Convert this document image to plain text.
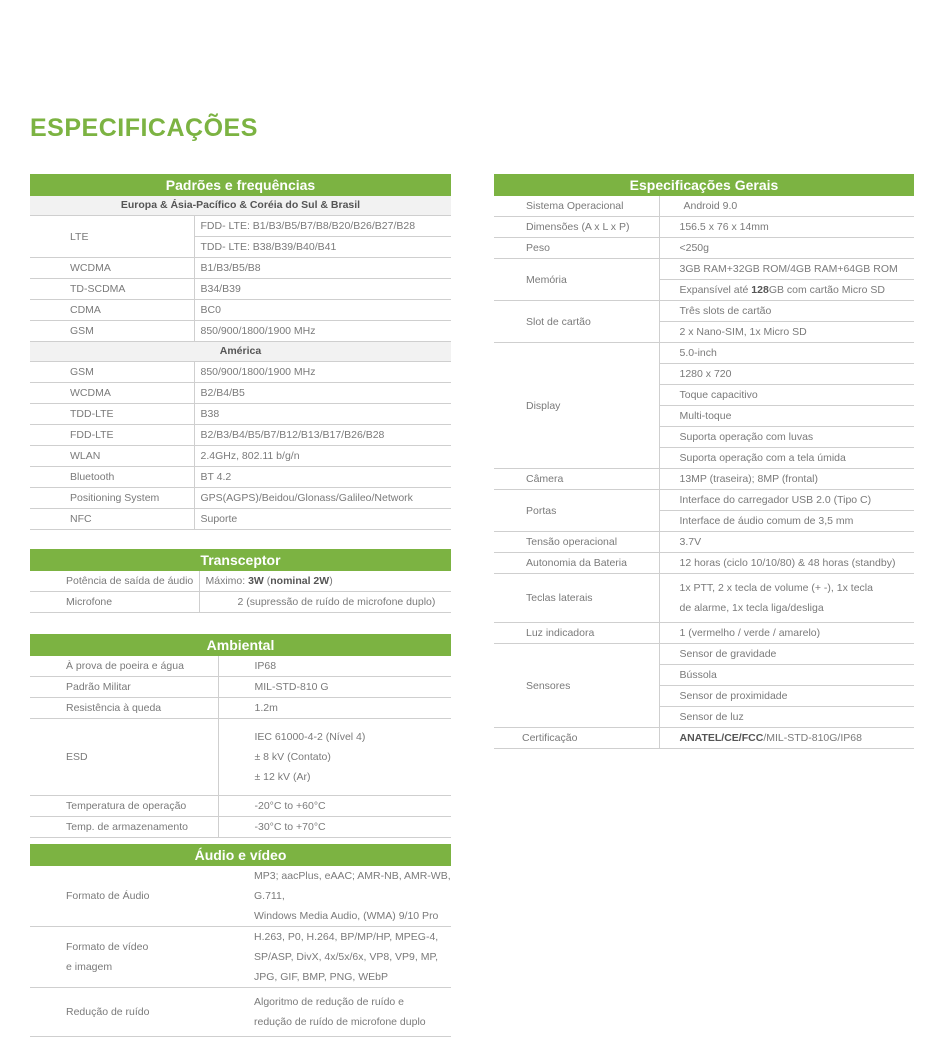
ESPECIFICAÇÕES
Padrões e frequências	
Europa & Ásia-Pacífico & Coréia do Sul & Brasil	
LTE	FDD- LTE: B1/B3/B5/B7/B8/B20/B26/B27/B28
	TDD- LTE: B38/B39/B40/B41
WCDMA	B1/B3/B5/B8
TD-SCDMA	B34/B39
CDMA	BC0
GSM	850/900/1800/1900 MHz
América	
GSM	850/900/1800/1900 MHz
WCDMA	B2/B4/B5
TDD-LTE	B38
FDD-LTE	B2/B3/B4/B5/B7/B12/B13/B17/B26/B28
WLAN	2.4GHz, 802.11 b/g/n
Bluetooth	BT 4.2
Positioning System	GPS(AGPS)/Beidou/Glonass/Galileo/Network
NFC	Suporte
Transceptor	
Potência de saída de áudio	Máximo: 3W (nominal 2W)
Microfone	2 (supressão de ruído de microfone duplo)
Ambiental	
À prova de poeira e água	IP68
Padrão Militar	MIL-STD-810 G
Resistência à queda	1.2m
ESD	IEC 61000-4-2 (Nível 4)
± 8 kV (Contato)
± 12 kV (Ar)

Temperatura de operação	-20°C to +60°C
Temp. de armazenamento	-30°C to +70°C
Áudio e vídeo	
Formato de Áudio	MP3; aacPlus, eAAC; AMR-NB, AMR-WB, G.711,
Windows Media Audio, (WMA) 9/10 Pro

Formato de vídeo
e imagem	H.263, P0, H.264, BP/MP/HP, MPEG-4,
SP/ASP, DivX, 4x/5x/6x, VP8, VP9, MP,
JPG, GIF, BMP, PNG, WEbP

Redução de ruído	Algoritmo de redução de ruído e
redução de ruído de microfone duplo
Especificações Gerais	
Sistema Operacional	Android 9.0
Dimensões (A x L x P)	156.5 x 76 x 14mm
Peso	<250g
Memória	3GB RAM+32GB ROM/4GB RAM+64GB ROM
	Expansível até 128GB com cartão Micro SD
Slot de cartão	Três slots de cartão
	2 x Nano-SIM, 1x Micro SD
Display	5.0-inch
	1280 x 720
	Toque capacitivo
	Multi-toque
	Suporta operação com luvas
	Suporta operação com a tela úmida
Câmera	13MP (traseira); 8MP (frontal)
Portas	Interface do carregador USB 2.0 (Tipo C)
	Interface de áudio comum de 3,5 mm
Tensão operacional	3.7V
Autonomia da Bateria	12 horas (ciclo 10/10/80) & 48 horas (standby)
Teclas laterais	1x PTT, 2 x tecla de volume (+ -), 1x tecla
de alarme, 1x tecla liga/desliga

Luz indicadora	1 (vermelho / verde / amarelo)
Sensores	Sensor de gravidade
	Bússola
	Sensor de proximidade
	Sensor de luz
Certificação	ANATEL/CE/FCC/MIL-STD-810G/IP68
